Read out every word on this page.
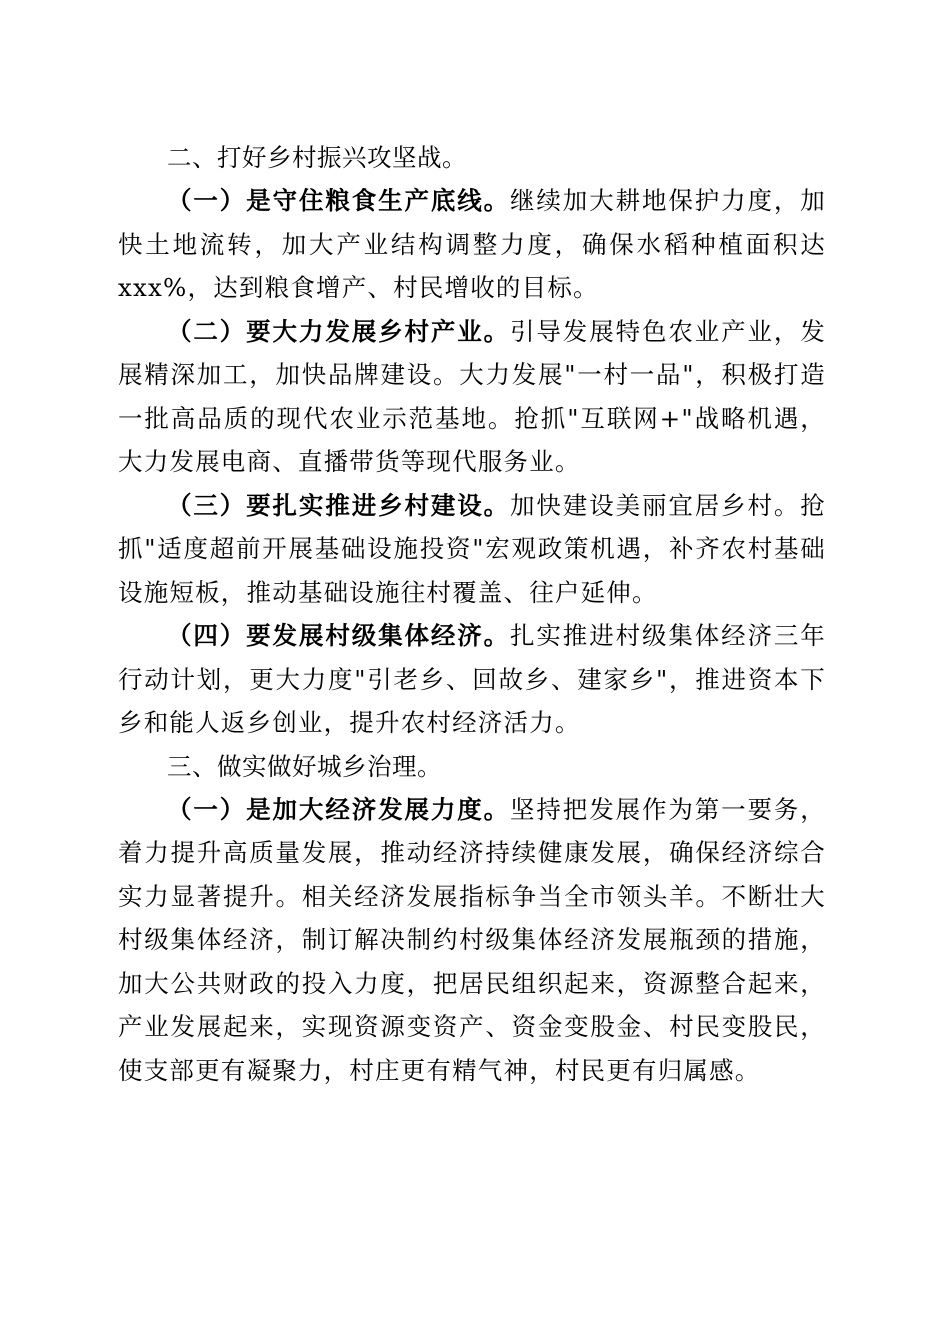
二、打好乡村振兴攻坚战。

（一）是守住粮食生产底线。继续加大耕地保护力度，加快土地流转，加大产业结构调整力度，确保水稻种植面积达xxx%，达到粮食增产、村民增收的目标。

（二）要大力发展乡村产业。引导发展特色农业产业，发展精深加工，加快品牌建设。大力发展"一村一品"，积极打造一批高品质的现代农业示范基地。抢抓"互联网+"战略机遇，大力发展电商、直播带货等现代服务业。

（三）要扎实推进乡村建设。加快建设美丽宜居乡村。抢抓"适度超前开展基础设施投资"宏观政策机遇，补齐农村基础设施短板，推动基础设施往村覆盖、往户延伸。

（四）要发展村级集体经济。扎实推进村级集体经济三年行动计划，更大力度"引老乡、回故乡、建家乡"，推进资本下乡和能人返乡创业，提升农村经济活力。

三、做实做好城乡治理。

（一）是加大经济发展力度。坚持把发展作为第一要务，着力提升高质量发展，推动经济持续健康发展，确保经济综合实力显著提升。相关经济发展指标争当全市领头羊。不断壮大村级集体经济，制订解决制约村级集体经济发展瓶颈的措施，加大公共财政的投入力度，把居民组织起来，资源整合起来，产业发展起来，实现资源变资产、资金变股金、村民变股民，使支部更有凝聚力，村庄更有精气神，村民更有归属感。
